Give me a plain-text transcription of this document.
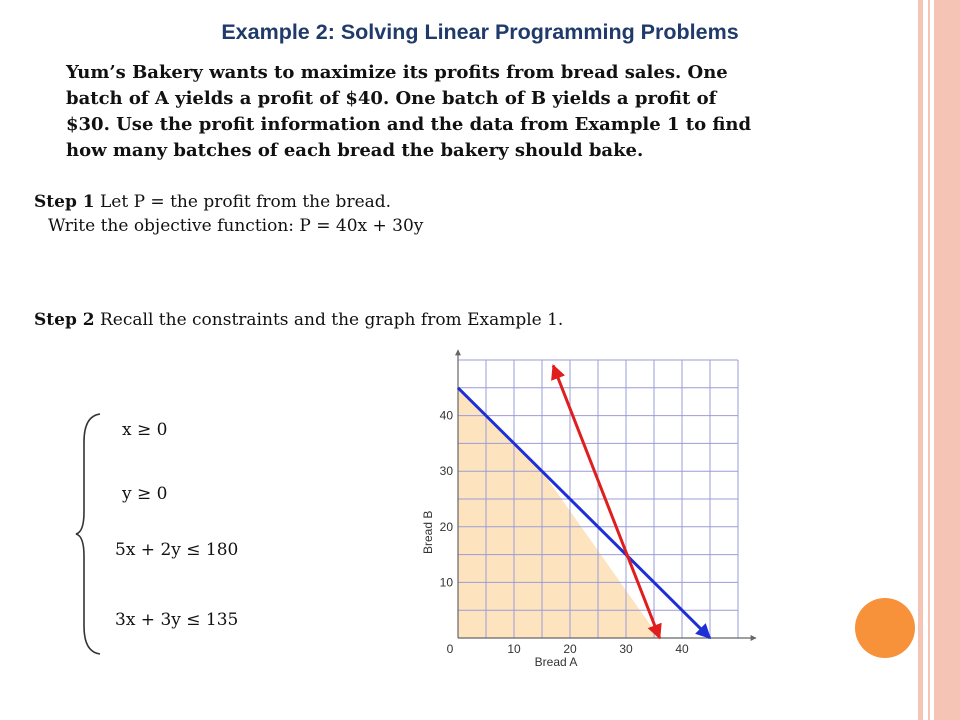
Example 2: Solving Linear Programming Problems
Yum’s Bakery wants to maximize its profits from bread sales. One
batch of A yields a profit of $40. One batch of B yields a profit of
$30. Use the profit information and the data from Example 1 to find
how many batches of each bread the bakery should bake.
Step 1 Let P = the profit from the bread.
Write the objective function: P = 40x + 30y
Step 2 Recall the constraints and the graph from Example 1.
x ≥ 0
y ≥ 0
5x + 2y ≤ 180
3x + 3y ≤ 135
0	10	20	30	40
10
20
30
40
Bread A
Bread B
